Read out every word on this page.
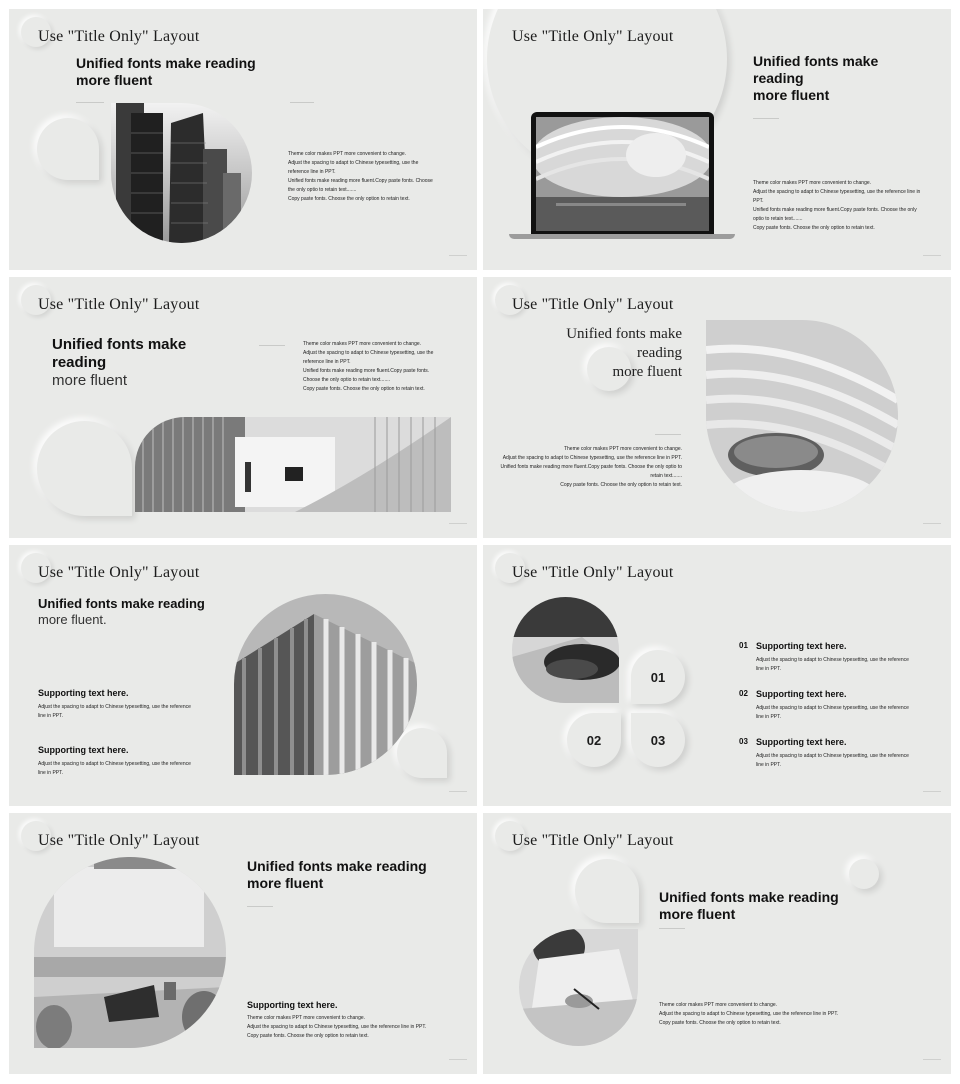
Use "Title Only" Layout
Unified fonts make reading
more fluent
Theme color makes PPT more convenient to change.
Adjust the spacing to adapt to Chinese typesetting, use the
reference line in PPT.
Unified fonts make reading more fluent.Copy paste fonts. Choose
the only optio to retain text.......
Copy paste fonts. Choose the only option to retain text.
Use "Title Only" Layout
Unified fonts make
reading
more fluent
Theme color makes PPT more convenient to change.
Adjust the spacing to adapt to Chinese typesetting, use the reference line in
PPT.
Unified fonts make reading more fluent.Copy paste fonts. Choose the only
optio to retain text.......
Copy paste fonts. Choose the only option to retain text.
Use "Title Only" Layout
Unified fonts make
reading
more fluent
Theme color makes PPT more convenient to change.
Adjust the spacing to adapt to Chinese typesetting, use the
reference line in PPT.
Unified fonts make reading more fluent.Copy paste fonts.
Choose the only optio to retain text.......
Copy paste fonts. Choose the only option to retain text.
Use "Title Only" Layout
Unified fonts make
reading
more fluent
Theme color makes PPT more convenient to change.
Adjust the spacing to adapt to Chinese typesetting, use the reference line in PPT.
Unified fonts make reading more fluent.Copy paste fonts. Choose the only optio to
retain text.......
Copy paste fonts. Choose the only option to retain text.
Use "Title Only" Layout
Unified fonts make reading
more fluent.
Supporting text here.
Adjust the spacing to adapt to Chinese typesetting, use the reference
line in PPT.
Supporting text here.
Adjust the spacing to adapt to Chinese typesetting, use the reference
line in PPT.
Use "Title Only" Layout
01
02	03
01 Supporting text here.
Adjust the spacing to adapt to Chinese typesetting, use the reference
line in PPT.
02 Supporting text here.
Adjust the spacing to adapt to Chinese typesetting, use the reference
line in PPT.
03 Supporting text here.
Adjust the spacing to adapt to Chinese typesetting, use the reference
line in PPT.
Use "Title Only" Layout
Unified fonts make reading
more fluent
Supporting text here.
Theme color makes PPT more convenient to change.
Adjust the spacing to adapt to Chinese typesetting, use the reference line in PPT.
Copy paste fonts. Choose the only option to retain text.
Use "Title Only" Layout
Unified fonts make reading
more fluent
Theme color makes PPT more convenient to change.
Adjust the spacing to adapt to Chinese typesetting, use the reference line in PPT.
Copy paste fonts. Choose the only option to retain text.
